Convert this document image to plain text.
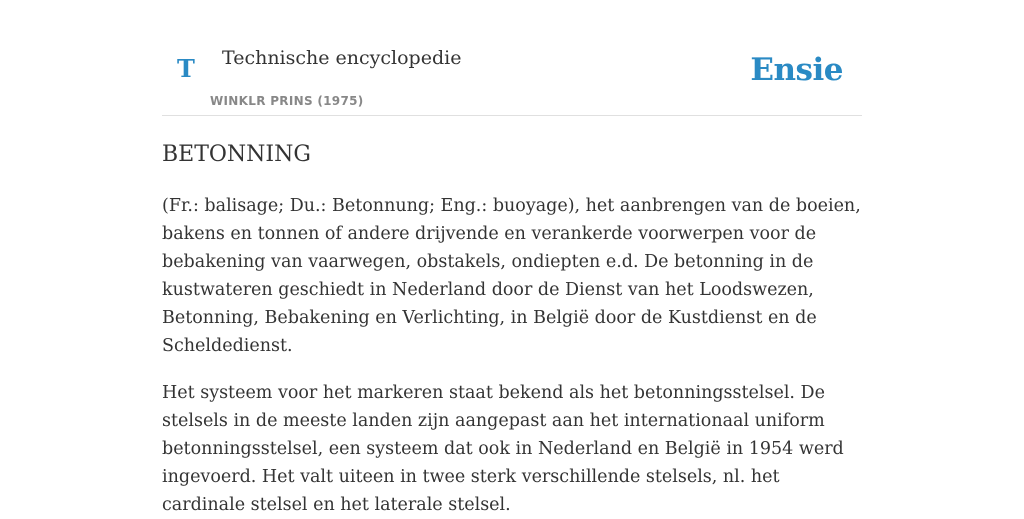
T Technische encyclopedie
WINKLR PRINS (1975)
Ensie
BETONNING

(Fr.: balisage; Du.: Betonnung; Eng.: buoyage), het aanbrengen van de boeien, bakens en tonnen of andere drijvende en verankerde voorwerpen voor de bebakening van vaarwegen, obstakels, ondiepten e.d. De betonning in de kustwateren geschiedt in Nederland door de Dienst van het Loodswezen, Betonning, Bebakening en Verlichting, in België door de Kustdienst en de Scheldedienst.

Het systeem voor het markeren staat bekend als het betonningsstelsel. De stelsels in de meeste landen zijn aangepast aan het internationaal uniform betonningsstelsel, een systeem dat ook in Nederland en België in 1954 werd ingevoerd. Het valt uiteen in twee sterk verschillende stelsels, nl. het cardinale stelsel en het laterale stelsel.
